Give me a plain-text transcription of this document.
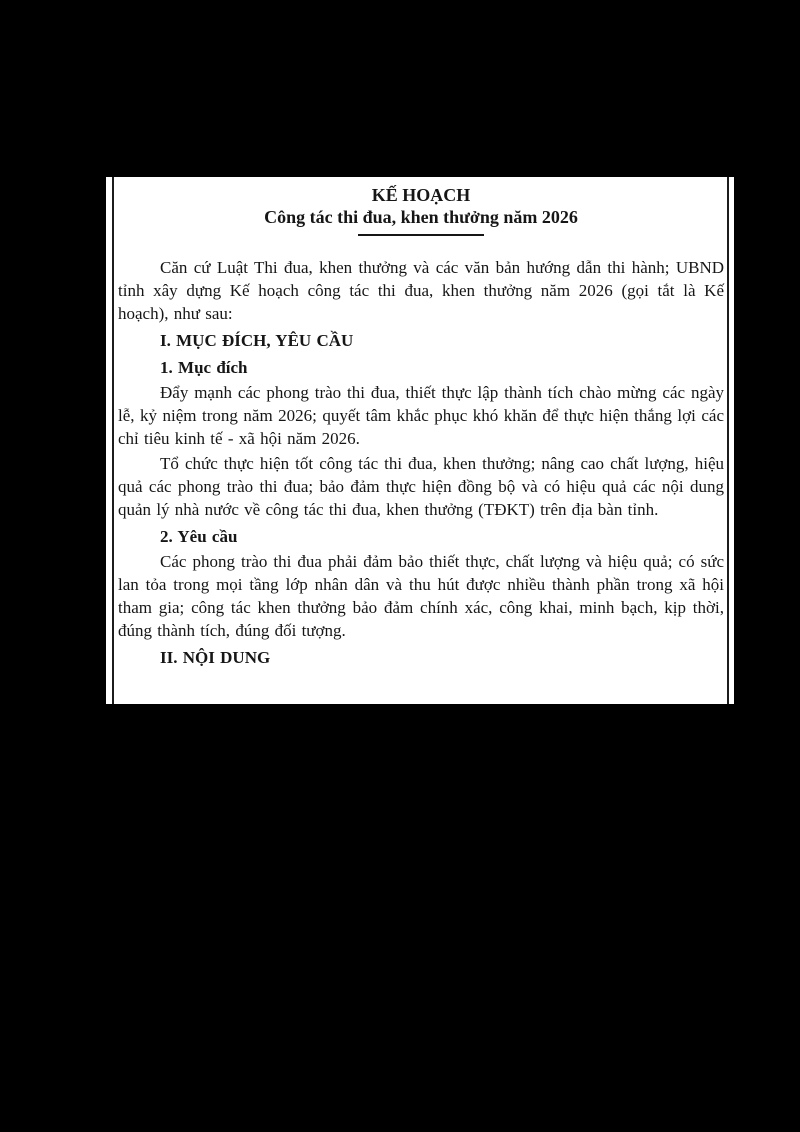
KẾ HOẠCH

Công tác thi đua, khen thưởng năm 2026

Căn cứ Luật Thi đua, khen thưởng và các văn bản hướng dẫn thi hành; UBND tỉnh xây dựng Kế hoạch công tác thi đua, khen thưởng năm 2026 (gọi tắt là Kế hoạch), như sau:

I. MỤC ĐÍCH, YÊU CẦU

1. Mục đích

Đẩy mạnh các phong trào thi đua, thiết thực lập thành tích chào mừng các ngày lễ, kỷ niệm trong năm 2026; quyết tâm khắc phục khó khăn để thực hiện thắng lợi các chỉ tiêu kinh tế - xã hội năm 2026.

Tổ chức thực hiện tốt công tác thi đua, khen thưởng; nâng cao chất lượng, hiệu quả các phong trào thi đua; bảo đảm thực hiện đồng bộ và có hiệu quả các nội dung quản lý nhà nước về công tác thi đua, khen thưởng (TĐKT) trên địa bàn tỉnh.

2. Yêu cầu

Các phong trào thi đua phải đảm bảo thiết thực, chất lượng và hiệu quả; có sức lan tỏa trong mọi tầng lớp nhân dân và thu hút được nhiều thành phần trong xã hội tham gia; công tác khen thưởng bảo đảm chính xác, công khai, minh bạch, kịp thời, đúng thành tích, đúng đối tượng.

II. NỘI DUNG
